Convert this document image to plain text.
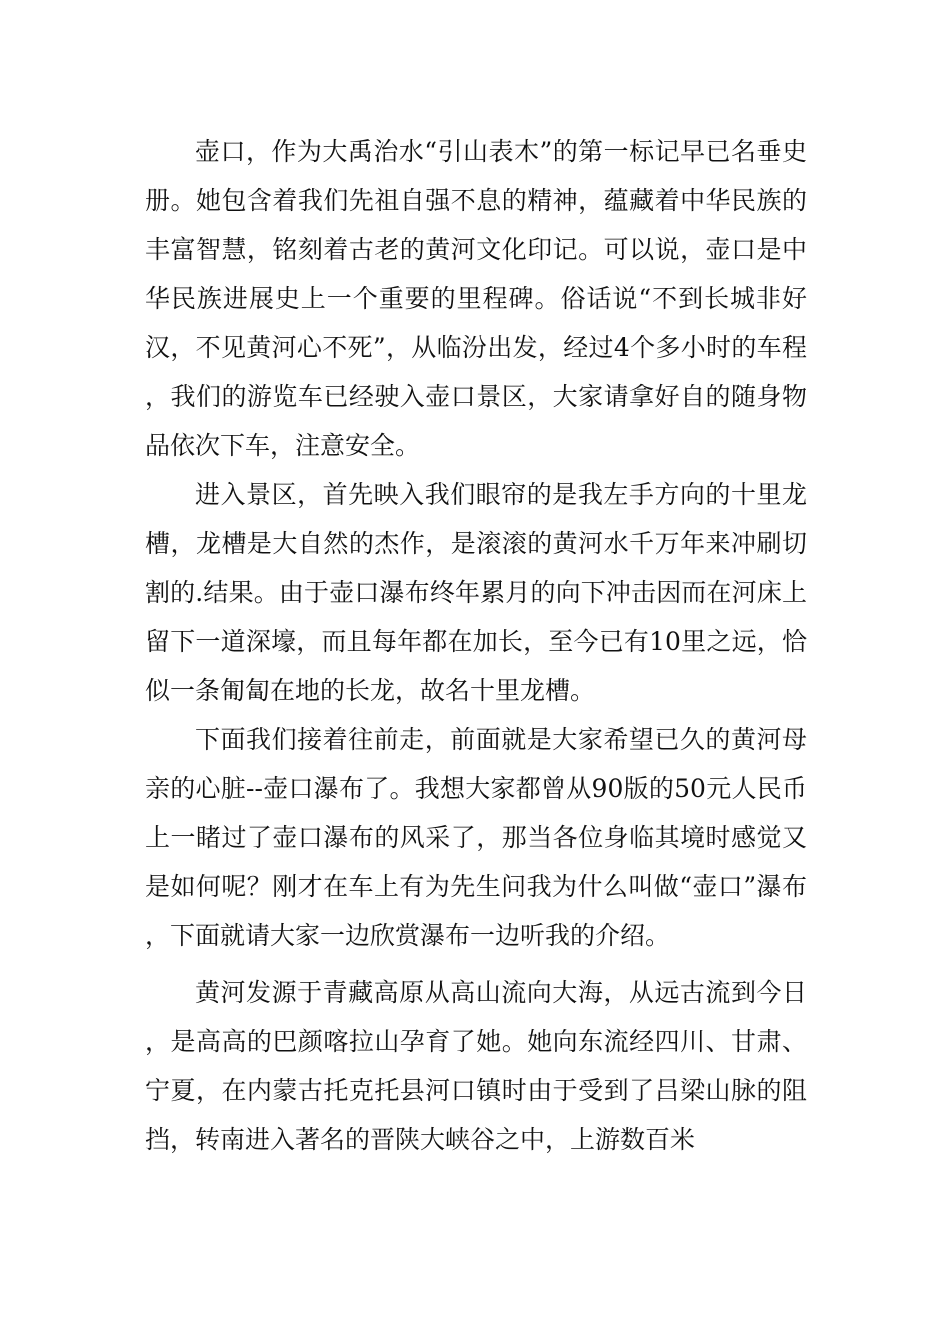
壶口，作为大禹治水“引山表木”的第一标记早已名垂史册。她包含着我们先祖自强不息的精神，蕴藏着中华民族的丰富智慧，铭刻着古老的黄河文化印记。可以说，壶口是中华民族进展史上一个重要的里程碑。俗话说“不到长城非好汉，不见黄河心不死”，从临汾出发，经过4个多小时的车程，我们的游览车已经驶入壶口景区，大家请拿好自的随身物品依次下车，注意安全。

进入景区，首先映入我们眼帘的是我左手方向的十里龙槽，龙槽是大自然的杰作，是滚滚的黄河水千万年来冲刷切割的.结果。由于壶口瀑布终年累月的向下冲击因而在河床上留下一道深壕，而且每年都在加长，至今已有10里之远，恰似一条匍匐在地的长龙，故名十里龙槽。

下面我们接着往前走，前面就是大家希望已久的黄河母亲的心脏--壶口瀑布了。我想大家都曾从90版的50元人民币上一睹过了壶口瀑布的风采了，那当各位身临其境时感觉又是如何呢？刚才在车上有为先生问我为什么叫做“壶口”瀑布，下面就请大家一边欣赏瀑布一边听我的介绍。

黄河发源于青藏高原从高山流向大海，从远古流到今日，是高高的巴颜喀拉山孕育了她。她向东流经四川、甘肃、宁夏，在内蒙古托克托县河口镇时由于受到了吕梁山脉的阻挡，转南进入著名的晋陕大峡谷之中，上游数百米
